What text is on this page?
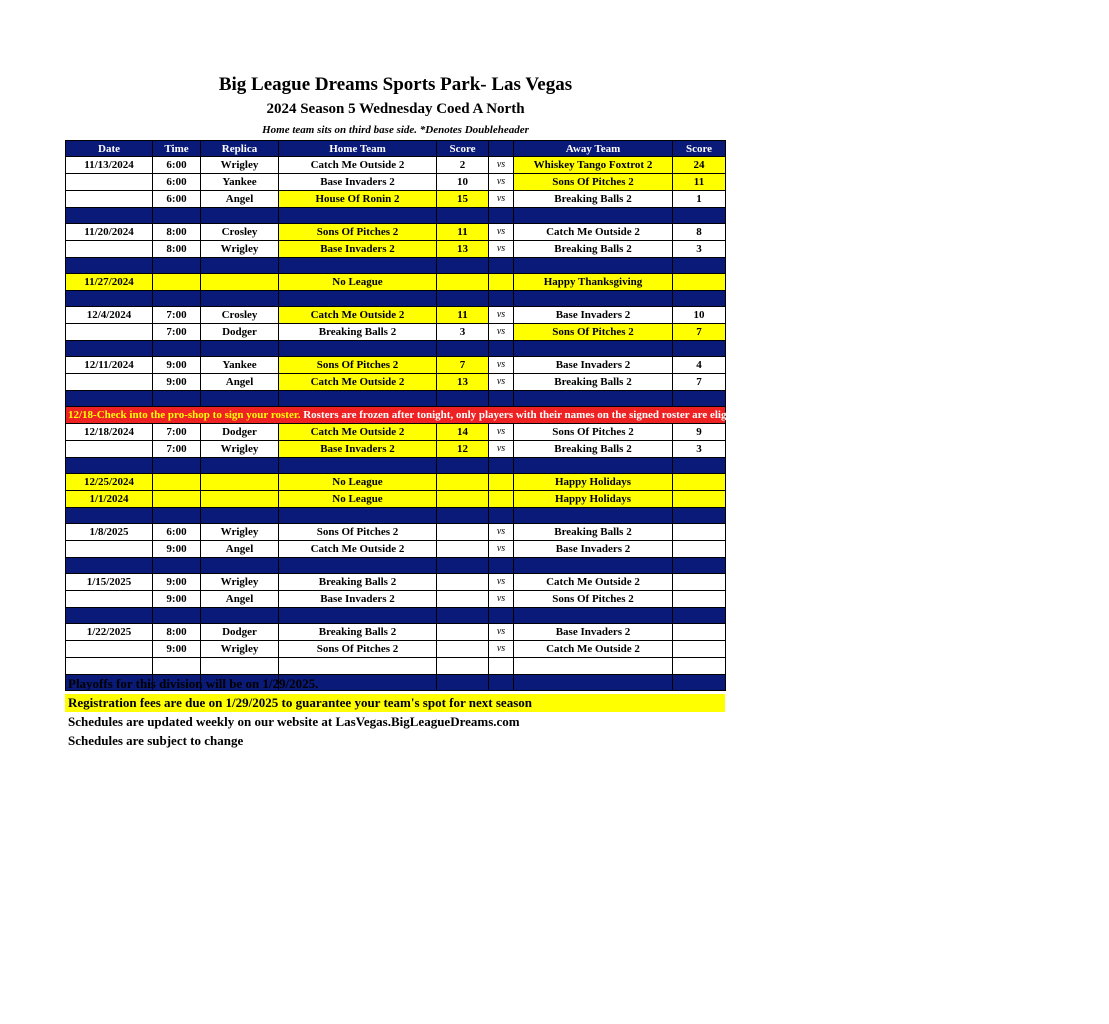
Big League Dreams Sports Park- Las Vegas
2024 Season 5 Wednesday Coed A North
Home team sits on third base side. *Denotes Doubleheader
Date	Time	Replica	Home Team	Score		Away Team	Score
11/13/2024	6:00	Wrigley	Catch Me Outside 2	2	vs	Whiskey Tango Foxtrot 2	24
	6:00	Yankee	Base Invaders 2	10	vs	Sons Of Pitches 2	11
	6:00	Angel	House Of Ronin 2	15	vs	Breaking Balls 2	1

11/20/2024	8:00	Crosley	Sons Of Pitches 2	11	vs	Catch Me Outside 2	8
	8:00	Wrigley	Base Invaders 2	13	vs	Breaking Balls 2	3

11/27/2024			No League			Happy Thanksgiving	

12/4/2024	7:00	Crosley	Catch Me Outside 2	11	vs	Base Invaders 2	10
	7:00	Dodger	Breaking Balls 2	3	vs	Sons Of Pitches 2	7

12/11/2024	9:00	Yankee	Sons Of Pitches 2	7	vs	Base Invaders 2	4
	9:00	Angel	Catch Me Outside 2	13	vs	Breaking Balls 2	7

12/18-Check into the pro-shop to sign your roster. Rosters are frozen after tonight, only players with their names on the signed roster are eligible for playoffs. Please check carefully as changes will not be made for omissions.							
12/18/2024	7:00	Dodger	Catch Me Outside 2	14	vs	Sons Of Pitches 2	9
	7:00	Wrigley	Base Invaders 2	12	vs	Breaking Balls 2	3

12/25/2024			No League			Happy Holidays	
1/1/2024			No League			Happy Holidays	

1/8/2025	6:00	Wrigley	Sons Of Pitches 2		vs	Breaking Balls 2	
	9:00	Angel	Catch Me Outside 2		vs	Base Invaders 2	

1/15/2025	9:00	Wrigley	Breaking Balls 2		vs	Catch Me Outside 2	
	9:00	Angel	Base Invaders 2		vs	Sons Of Pitches 2	

1/22/2025	8:00	Dodger	Breaking Balls 2		vs	Base Invaders 2	
	9:00	Wrigley	Sons Of Pitches 2		vs	Catch Me Outside 2	

Playoffs for this division will be on 1/29/2025.
Registration fees are due on 1/29/2025 to guarantee your team's spot for next season
Schedules are updated weekly on our website at LasVegas.BigLeagueDreams.com
Schedules are subject to change
